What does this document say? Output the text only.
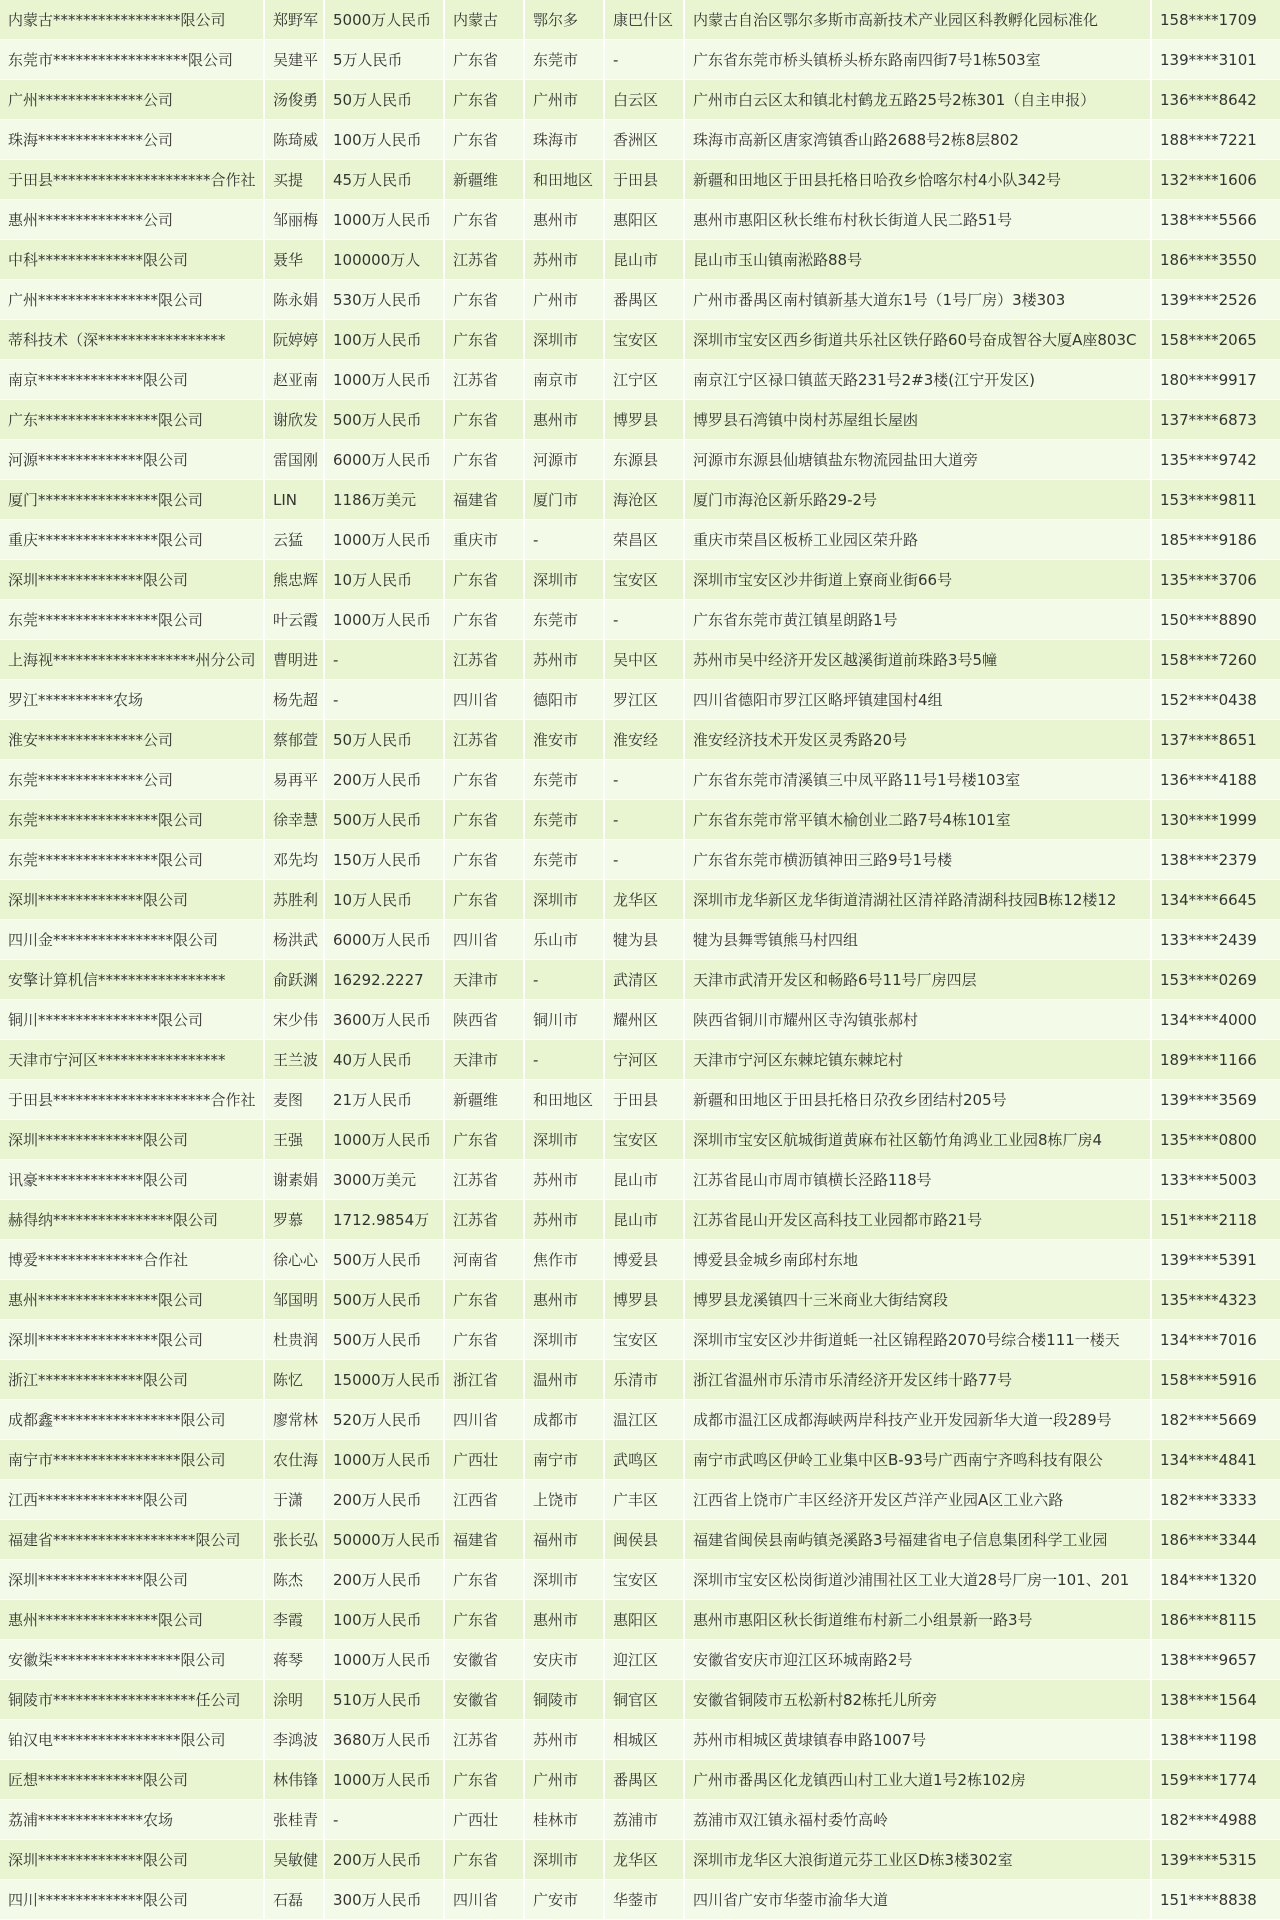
内蒙古*****************限公司	郑野军 5000万人民币	内蒙古	鄂尔多	康巴什区	内蒙古自治区鄂尔多斯市高新技术产业园区科教孵化园标准化	158****1709
东莞市******************限公司	吴建平 5万人民币	广东省	东莞市	-	广东省东莞市桥头镇桥头桥东路南四街7号1栋503室	139****3101
广州**************公司	汤俊勇 50万人民币	广东省	广州市	白云区	广州市白云区太和镇北村鹤龙五路25号2栋301（自主申报）	136****8642
珠海**************公司	陈琦威 100万人民币	广东省	珠海市	香洲区	珠海市高新区唐家湾镇香山路2688号2栋8层802	188****7221
于田县*********************合作社	买提	45万人民币	新疆维	和田地区	于田县	新疆和田地区于田县托格日哈孜乡恰喀尔村4小队342号	132****1606
惠州**************公司	邹丽梅 1000万人民币	广东省	惠州市	惠阳区	惠州市惠阳区秋长维布村秋长街道人民二路51号	138****5566
中科**************限公司	聂华	100000万人	江苏省	苏州市	昆山市	昆山市玉山镇南淞路88号	186****3550
广州****************限公司	陈永娟 530万人民币	广东省	广州市	番禺区	广州市番禺区南村镇新基大道东1号（1号厂房）3楼303	139****2526
蒂科技术（深*****************	阮婷婷 100万人民币	广东省	深圳市	宝安区	深圳市宝安区西乡街道共乐社区铁仔路60号奋成智谷大厦A座803C	158****2065
南京**************限公司	赵亚南 1000万人民币	江苏省	南京市	江宁区	南京江宁区禄口镇蓝天路231号2#3楼(江宁开发区)	180****9917
广东****************限公司	谢欣发 500万人民币	广东省	惠州市	博罗县	博罗县石湾镇中岗村苏屋组长屋凼	137****6873
河源**************限公司	雷国刚 6000万人民币	广东省	河源市	东源县	河源市东源县仙塘镇盐东物流园盐田大道旁	135****9742
厦门****************限公司	LIN	1186万美元	福建省	厦门市	海沧区	厦门市海沧区新乐路29-2号	153****9811
重庆****************限公司	云猛	1000万人民币	重庆市	-	荣昌区	重庆市荣昌区板桥工业园区荣升路	185****9186
深圳**************限公司	熊忠辉 10万人民币	广东省	深圳市	宝安区	深圳市宝安区沙井街道上寮商业街66号	135****3706
东莞****************限公司	叶云霞 1000万人民币	广东省	东莞市	-	广东省东莞市黄江镇星朗路1号	150****8890
上海视*******************州分公司	曹明进 -	江苏省	苏州市	吴中区	苏州市吴中经济开发区越溪街道前珠路3号5幢	158****7260
罗江**********农场	杨先超 -	四川省	德阳市	罗江区	四川省德阳市罗江区略坪镇建国村4组	152****0438
淮安**************公司	蔡郁萱 50万人民币	江苏省	淮安市	淮安经	淮安经济技术开发区灵秀路20号	137****8651
东莞**************公司	易再平 200万人民币	广东省	东莞市	-	广东省东莞市清溪镇三中凤平路11号1号楼103室	136****4188
东莞****************限公司	徐幸慧 500万人民币	广东省	东莞市	-	广东省东莞市常平镇木榆创业二路7号4栋101室	130****1999
东莞****************限公司	邓先均 150万人民币	广东省	东莞市	-	广东省东莞市横沥镇神田三路9号1号楼	138****2379
深圳**************限公司	苏胜利 10万人民币	广东省	深圳市	龙华区	深圳市龙华新区龙华街道清湖社区清祥路清湖科技园B栋12楼12	134****6645
四川金****************限公司	杨洪武 6000万人民币	四川省	乐山市	犍为县	犍为县舞雩镇熊马村四组	133****2439
安擎计算机信*****************	俞跃渊 16292.2227	天津市	-	武清区	天津市武清开发区和畅路6号11号厂房四层	153****0269
铜川****************限公司	宋少伟 3600万人民币	陕西省	铜川市	耀州区	陕西省铜川市耀州区寺沟镇张郝村	134****4000
天津市宁河区*****************	王兰波 40万人民币	天津市	-	宁河区	天津市宁河区东棘坨镇东棘坨村	189****1166
于田县*********************合作社	麦图	21万人民币	新疆维	和田地区	于田县	新疆和田地区于田县托格日尕孜乡团结村205号	139****3569
深圳**************限公司	王强	1000万人民币	广东省	深圳市	宝安区	深圳市宝安区航城街道黄麻布社区簕竹角鸿业工业园8栋厂房4	135****0800
讯豪**************限公司	谢素娟 3000万美元	江苏省	苏州市	昆山市	江苏省昆山市周市镇横长泾路118号	133****5003
赫得纳****************限公司	罗慕	1712.9854万	江苏省	苏州市	昆山市	江苏省昆山开发区高科技工业园都市路21号	151****2118
博爱**************合作社	徐心心 500万人民币	河南省	焦作市	博爱县	博爱县金城乡南邱村东地	139****5391
惠州****************限公司	邹国明 500万人民币	广东省	惠州市	博罗县	博罗县龙溪镇四十三米商业大街结窝段	135****4323
深圳****************限公司	杜贵润 500万人民币	广东省	深圳市	宝安区	深圳市宝安区沙井街道蚝一社区锦程路2070号综合楼111一楼天	134****7016
浙江**************限公司	陈忆	15000万人民币 浙江省	温州市	乐清市	浙江省温州市乐清市乐清经济开发区纬十路77号	158****5916
成都鑫*****************限公司	廖常林 520万人民币	四川省	成都市	温江区	成都市温江区成都海峡两岸科技产业开发园新华大道一段289号	182****5669
南宁市*****************限公司	农仕海 1000万人民币	广西壮	南宁市	武鸣区	南宁市武鸣区伊岭工业集中区B-93号广西南宁齐鸣科技有限公	134****4841
江西**************限公司	于潇	200万人民币	江西省	上饶市	广丰区	江西省上饶市广丰区经济开发区芦洋产业园A区工业六路	182****3333
福建省*******************限公司	张长弘 50000万人民币 福建省	福州市	闽侯县	福建省闽侯县南屿镇尧溪路3号福建省电子信息集团科学工业园	186****3344
深圳**************限公司	陈杰	200万人民币	广东省	深圳市	宝安区	深圳市宝安区松岗街道沙浦围社区工业大道28号厂房一101、201	184****1320
惠州****************限公司	李霞	100万人民币	广东省	惠州市	惠阳区	惠州市惠阳区秋长街道维布村新二小组景新一路3号	186****8115
安徽柒*****************限公司	蒋琴	1000万人民币	安徽省	安庆市	迎江区	安徽省安庆市迎江区环城南路2号	138****9657
铜陵市*******************任公司	涂明	510万人民币	安徽省	铜陵市	铜官区	安徽省铜陵市五松新村82栋托儿所旁	138****1564
铂汉电*****************限公司	李鸿波 3680万人民币	江苏省	苏州市	相城区	苏州市相城区黄埭镇春申路1007号	138****1198
匠想**************限公司	林伟锋 1000万人民币	广东省	广州市	番禺区	广州市番禺区化龙镇西山村工业大道1号2栋102房	159****1774
荔浦**************农场	张桂青 -	广西壮	桂林市	荔浦市	荔浦市双江镇永福村委竹高岭	182****4988
深圳**************限公司	吴敏健 200万人民币	广东省	深圳市	龙华区	深圳市龙华区大浪街道元芬工业区D栋3楼302室	139****5315
四川**************限公司	石磊	300万人民币	四川省	广安市	华蓥市	四川省广安市华蓥市渝华大道	151****8838
